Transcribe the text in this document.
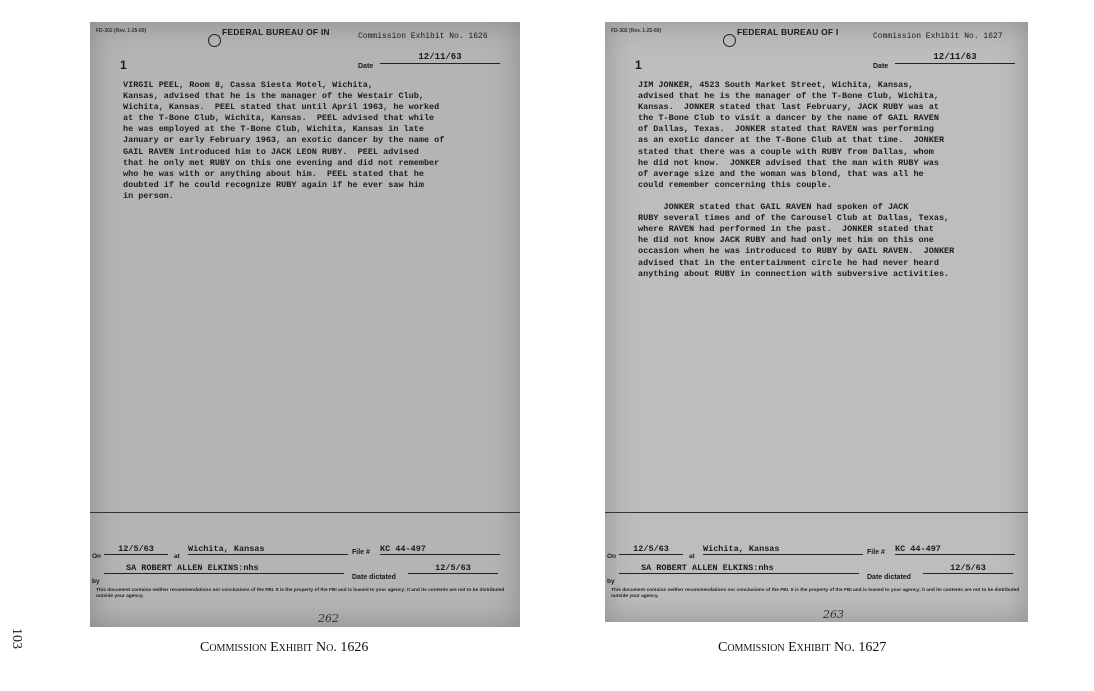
103
FD-302 (Rev. 1-25-60)	FEDERAL BUREAU OF IN	Commission Exhibit No. 1626
1	Date
12/11/63
VIRGIL PEEL, Room 8, Cassa Siesta Motel, Wichita,
Kansas, advised that he is the manager of the Westair Club,
Wichita, Kansas.  PEEL stated that until April 1963, he worked
at the T-Bone Club, Wichita, Kansas.  PEEL advised that while
he was employed at the T-Bone Club, Wichita, Kansas in late
January or early February 1963, an exotic dancer by the name of
GAIL RAVEN introduced him to JACK LEON RUBY.  PEEL advised
that he only met RUBY on this one evening and did not remember
who he was with or anything about him.  PEEL stated that he
doubted if he could recognize RUBY again if he ever saw him
in person.
On
12/5/63
at
Wichita, Kansas	File # KC 44-497
by
SA ROBERT ALLEN ELKINS:nhs
Date dictated
12/5/63

This document contains neither recommendations nor conclusions of the FBI. It is the property of the FBI and is loaned to your agency; it and its contents are not to be distributed outside your agency.

262
FD-302 (Rev. 1-25-60)	FEDERAL BUREAU OF I	Commission Exhibit No. 1627
1	Date
12/11/63
JIM JONKER, 4523 South Market Street, Wichita, Kansas,
advised that he is the manager of the T-Bone Club, Wichita,
Kansas.  JONKER stated that last February, JACK RUBY was at
the T-Bone Club to visit a dancer by the name of GAIL RAVEN
of Dallas, Texas.  JONKER stated that RAVEN was performing
as an exotic dancer at the T-Bone Club at that time.  JONKER
stated that there was a couple with RUBY from Dallas, whom
he did not know.  JONKER advised that the man with RUBY was
of average size and the woman was blond, that was all he
could remember concerning this couple.

JONKER stated that GAIL RAVEN had spoken of JACK
RUBY several times and of the Carousel Club at Dallas, Texas,
where RAVEN had performed in the past.  JONKER stated that
he did not know JACK RUBY and had only met him on this one
occasion when he was introduced to RUBY by GAIL RAVEN.  JONKER
advised that in the entertainment circle he had never heard
anything about RUBY in connection with subversive activities.
On
12/5/63
at
Wichita, Kansas	File # KC 44-497
by
SA ROBERT ALLEN ELKINS:nhs
Date dictated
12/5/63

This document contains neither recommendations nor conclusions of the FBI. It is the property of the FBI and is loaned to your agency; it and its contents are not to be distributed outside your agency.

263
Commission Exhibit No. 1626	Commission Exhibit No. 1627
